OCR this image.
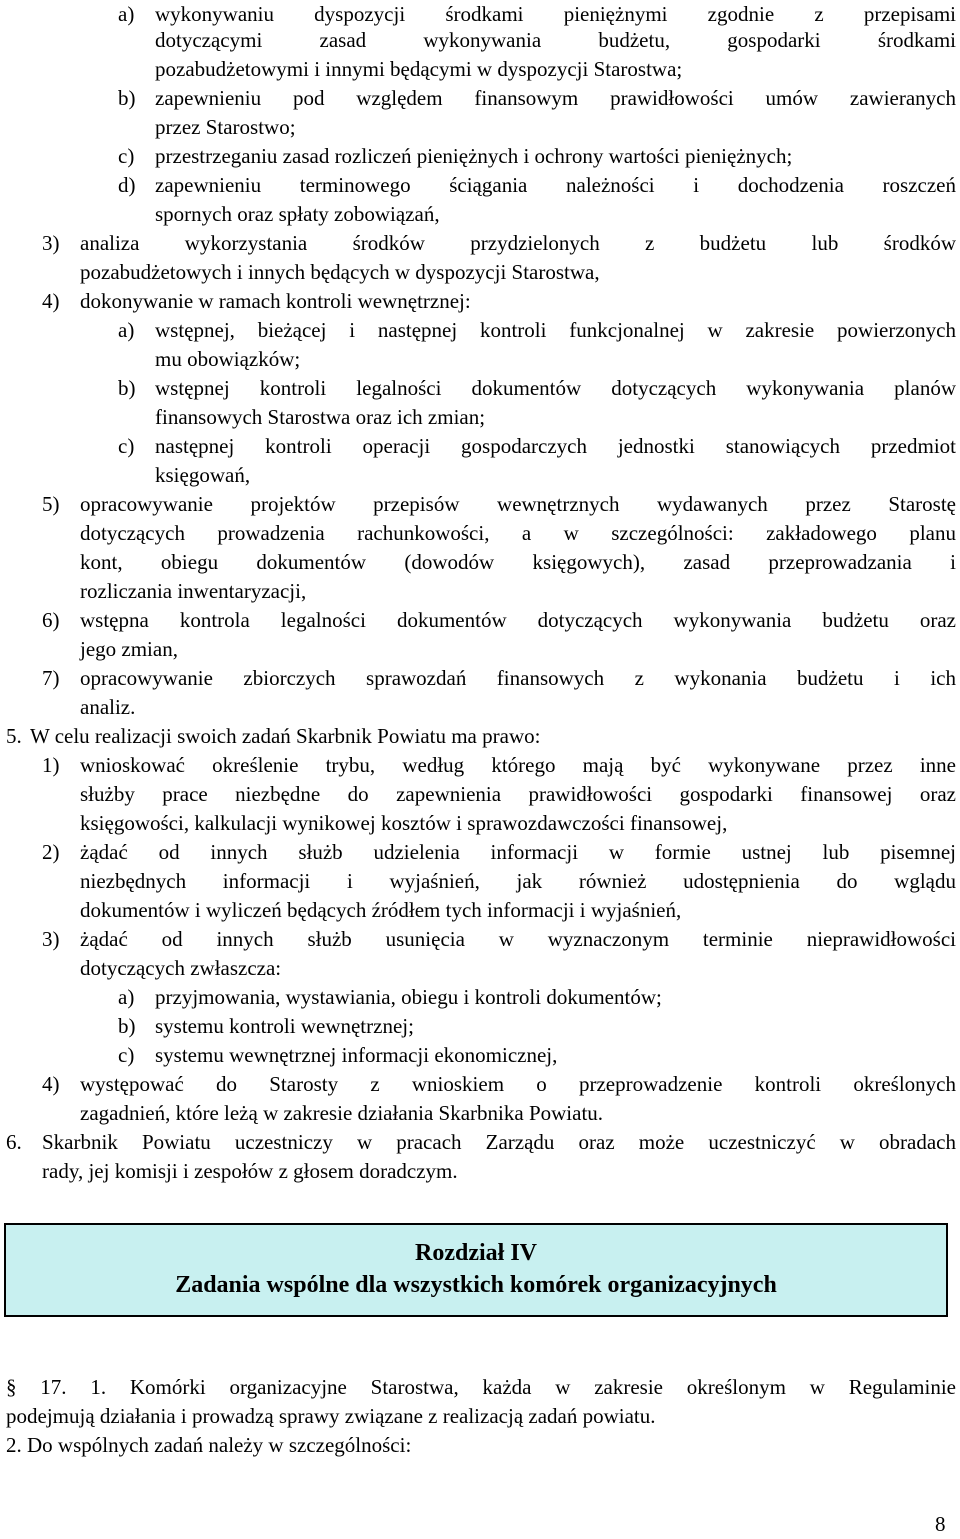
a) wykonywaniu dyspozycji środkami pieniężnymi zgodnie z przepisami
dotyczącymi zasad wykonywania budżetu, gospodarki środkami
pozabudżetowymi i innymi będącymi w dyspozycji Starostwa;
b) zapewnieniu pod względem finansowym prawidłowości umów zawieranych
przez Starostwo;
c) przestrzeganiu zasad rozliczeń pieniężnych i ochrony wartości pieniężnych;
d) zapewnieniu terminowego ściągania należności i dochodzenia roszczeń
spornych oraz spłaty zobowiązań,
3) analiza wykorzystania środków przydzielonych z budżetu lub środków
pozabudżetowych i innych będących w dyspozycji Starostwa,
4) dokonywanie w ramach kontroli wewnętrznej:
a) wstępnej, bieżącej i następnej kontroli funkcjonalnej w zakresie powierzonych
mu obowiązków;
b) wstępnej kontroli legalności dokumentów dotyczących wykonywania planów
finansowych Starostwa oraz ich zmian;
c) następnej kontroli operacji gospodarczych jednostki stanowiących przedmiot
księgowań,
5) opracowywanie projektów przepisów wewnętrznych wydawanych przez Starostę
dotyczących prowadzenia rachunkowości, a w szczególności: zakładowego planu
kont, obiegu dokumentów (dowodów księgowych), zasad przeprowadzania i
rozliczania inwentaryzacji,
6) wstępna kontrola legalności dokumentów dotyczących wykonywania budżetu oraz
jego zmian,
7) opracowywanie zbiorczych sprawozdań finansowych z wykonania budżetu i ich
analiz.
5. W celu realizacji swoich zadań Skarbnik Powiatu ma prawo:
1) wnioskować określenie trybu, według którego mają być wykonywane przez inne
służby prace niezbędne do zapewnienia prawidłowości gospodarki finansowej oraz
księgowości, kalkulacji wynikowej kosztów i sprawozdawczości finansowej,
2) żądać od innych służb udzielenia informacji w formie ustnej lub pisemnej
niezbędnych informacji i wyjaśnień, jak również udostępnienia do wglądu
dokumentów i wyliczeń będących źródłem tych informacji i wyjaśnień,
3) żądać od innych służb usunięcia w wyznaczonym terminie nieprawidłowości
dotyczących zwłaszcza:
a) przyjmowania, wystawiania, obiegu i kontroli dokumentów;
b) systemu kontroli wewnętrznej;
c) systemu wewnętrznej informacji ekonomicznej,
4) występować do Starosty z wnioskiem o przeprowadzenie kontroli określonych
zagadnień, które leżą w zakresie działania Skarbnika Powiatu.
6. Skarbnik Powiatu uczestniczy w pracach Zarządu oraz może uczestniczyć w obradach
rady, jej komisji i zespołów z głosem doradczym.
Rozdział IV
Zadania wspólne dla wszystkich komórek organizacyjnych
§ 17. 1. Komórki organizacyjne Starostwa, każda w zakresie określonym w Regulaminie
podejmują działania i prowadzą sprawy związane z realizacją zadań powiatu.
2. Do wspólnych zadań należy w szczególności:
8
